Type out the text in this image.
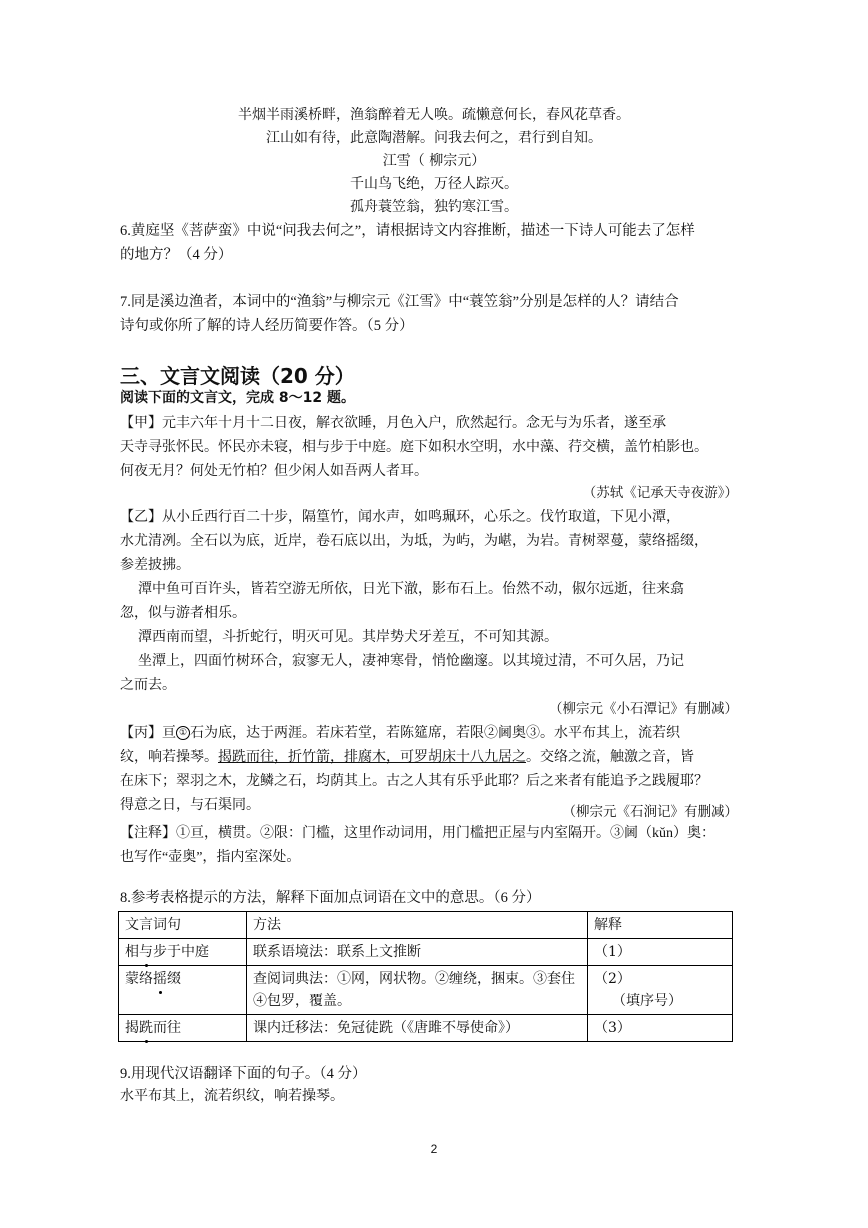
半烟半雨溪桥畔，渔翁醉着无人唤。疏懒意何长，春风花草香。
江山如有待，此意陶潜解。问我去何之，君行到自知。
江雪（ 柳宗元）
千山鸟飞绝，万径人踪灭。
孤舟蓑笠翁，独钓寒江雪。
6.黄庭坚《菩萨蛮》中说“问我去何之”，请根据诗文内容推断，描述一下诗人可能去了怎样
的地方？（4 分）
7.同是溪边渔者，本词中的“渔翁”与柳宗元《江雪》中“蓑笠翁”分别是怎样的人？请结合
诗句或你所了解的诗人经历简要作答。（5 分）
三、文言文阅读（20 分）
阅读下面的文言文，完成 8～12 题。
【甲】元丰六年十月十二日夜，解衣欲睡，月色入户，欣然起行。念无与为乐者，遂至承
天寺寻张怀民。怀民亦未寝，相与步于中庭。庭下如积水空明，水中藻、荇交横，盖竹柏影也。
何夜无月？何处无竹柏？但少闲人如吾两人者耳。
（苏轼《记承天寺夜游》）
【乙】从小丘西行百二十步，隔篁竹，闻水声，如鸣珮环，心乐之。伐竹取道，下见小潭，
水尤清冽。全石以为底，近岸，卷石底以出，为坻，为屿，为嵁，为岩。青树翠蔓，蒙络摇缀，
参差披拂。
潭中鱼可百许头，皆若空游无所依，日光下澈，影布石上。佁然不动，俶尔远逝，往来翕
忽，似与游者相乐。
潭西南而望，斗折蛇行，明灭可见。其岸势犬牙差互，不可知其源。
坐潭上，四面竹树环合，寂寥无人，凄神寒骨，悄怆幽邃。以其境过清，不可久居，乃记
之而去。
（柳宗元《小石潭记》有删减）
【丙】亘 ① 石为底，达于两涯。若床若堂，若陈筵席，若限②阃奥③。水平布其上，流若织
纹，响若操琴。揭跣而往，折竹箭，排腐木，可罗胡床十八九居之。交络之流，触激之音，皆
在床下；翠羽之木，龙鳞之石，均荫其上。古之人其有乐乎此耶？后之来者有能追予之践履耶？
得意之日，与石渠同。	（柳宗元《石涧记》有删减）
【注释】①亘，横贯。②限：门槛，这里作动词用，用门槛把正屋与内室隔开。③阃（kǔn）奥：
也写作“壶奥”，指内室深处。
8.参考表格提示的方法，解释下面加点词语在文中的意思。（6 分）
文言词句	方法	解释
相与步于中庭	联系语境法：联系上文推断	（1）
蒙络摇缀	查阅词典法：①网，网状物。②缠绕，捆束。③套住④包罗，覆盖。	（2）
（填序号）

揭跣而往	课内迁移法：免冠徒跣（《唐雎不辱使命》）	（3）
9.用现代汉语翻译下面的句子。（4 分）
水平布其上，流若织纹，响若操琴。
2
